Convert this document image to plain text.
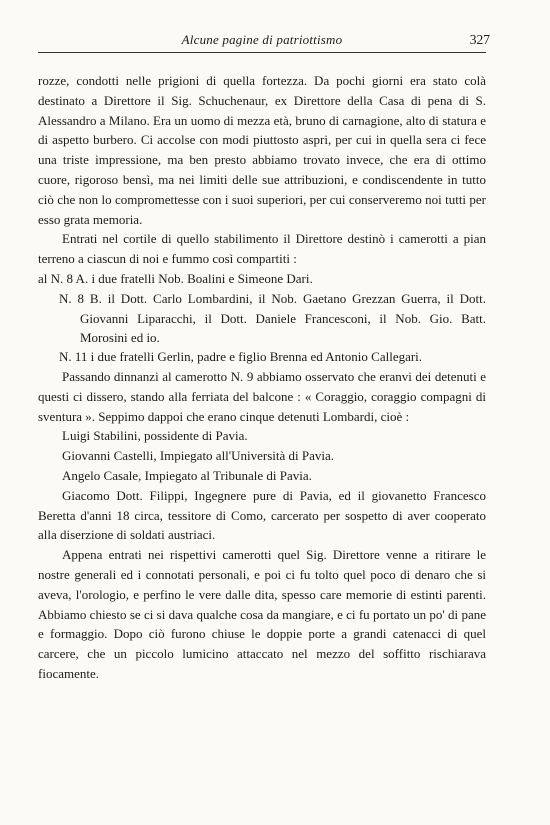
Alcune pagine di patriottismo	327

rozze, condotti nelle prigioni di quella fortezza. Da pochi giorni era stato colà destinato a Direttore il Sig. Schuchenaur, ex Direttore della Casa di pena di S. Alessandro a Milano. Era un uomo di mezza età, bruno di carnagione, alto di statura e di aspetto burbero. Ci accolse con modi piuttosto aspri, per cui in quella sera ci fece una triste impressione, ma ben presto abbiamo trovato invece, che era di ottimo cuore, rigoroso bensì, ma nei limiti delle sue attribuzioni, e condiscendente in tutto ciò che non lo compromettesse con i suoi superiori, per cui conserveremo noi tutti per esso grata memoria.

Entrati nel cortile di quello stabilimento il Direttore destinò i camerotti a pian terreno a ciascun di noi e fummo così compartiti :

al N. 8 A. i due fratelli Nob. Boalini e Simeone Dari.

N. 8 B. il Dott. Carlo Lombardini, il Nob. Gaetano Grezzan Guerra, il Dott. Giovanni Liparacchi, il Dott. Daniele Francesconi, il Nob. Gio. Batt. Morosini ed io.

N. 11 i due fratelli Gerlin, padre e figlio Brenna ed Antonio Callegari.

Passando dinnanzi al camerotto N. 9 abbiamo osservato che eranvi dei detenuti e questi ci dissero, stando alla ferriata del balcone : « Coraggio, coraggio compagni di sventura ». Seppimo dappoi che erano cinque detenuti Lombardi, cioè :

Luigi Stabilini, possidente di Pavia.

Giovanni Castelli, Impiegato all'Università di Pavia.

Angelo Casale, Impiegato al Tribunale di Pavia.

Giacomo Dott. Filippi, Ingegnere pure di Pavia, ed il giovanetto Francesco Beretta d'anni 18 circa, tessitore di Como, carcerato per sospetto di aver cooperato alla diserzione di soldati austriaci.

Appena entrati nei rispettivi camerotti quel Sig. Direttore venne a ritirare le nostre generali ed i connotati personali, e poi ci fu tolto quel poco di denaro che si aveva, l'orologio, e perfino le vere dalle dita, spesso care memorie di estinti parenti. Abbiamo chiesto se ci si dava qualche cosa da mangiare, e ci fu portato un po' di pane e formaggio. Dopo ciò furono chiuse le doppie porte a grandi catenacci di quel carcere, che un piccolo lumicino attaccato nel mezzo del soffitto rischiarava fiocamente.
